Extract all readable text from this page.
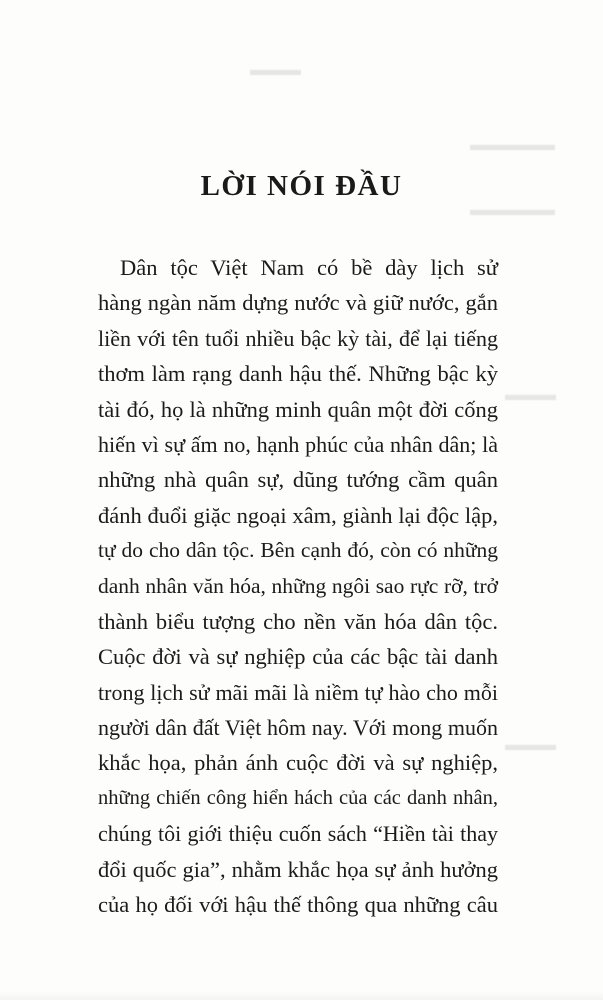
▬▬▬
▬▬▬▬▬
▬▬▬▬▬
▬▬▬
▬▬▬
LỜI NÓI ĐẦU
Dân tộc Việt Nam có bề dày lịch sử
hàng ngàn năm dựng nước và giữ nước, gắn
liền với tên tuổi nhiều bậc kỳ tài, để lại tiếng
thơm làm rạng danh hậu thế. Những bậc kỳ
tài đó, họ là những minh quân một đời cống
hiến vì sự ấm no, hạnh phúc của nhân dân; là
những nhà quân sự, dũng tướng cầm quân
đánh đuổi giặc ngoại xâm, giành lại độc lập,
tự do cho dân tộc. Bên cạnh đó, còn có những
danh nhân văn hóa, những ngôi sao rực rỡ, trở
thành biểu tượng cho nền văn hóa dân tộc.
Cuộc đời và sự nghiệp của các bậc tài danh
trong lịch sử mãi mãi là niềm tự hào cho mỗi
người dân đất Việt hôm nay. Với mong muốn
khắc họa, phản ánh cuộc đời và sự nghiệp,
những chiến công hiển hách của các danh nhân,
chúng tôi giới thiệu cuốn sách “Hiền tài thay
đổi quốc gia”, nhằm khắc họa sự ảnh hưởng
của họ đối với hậu thế thông qua những câu
